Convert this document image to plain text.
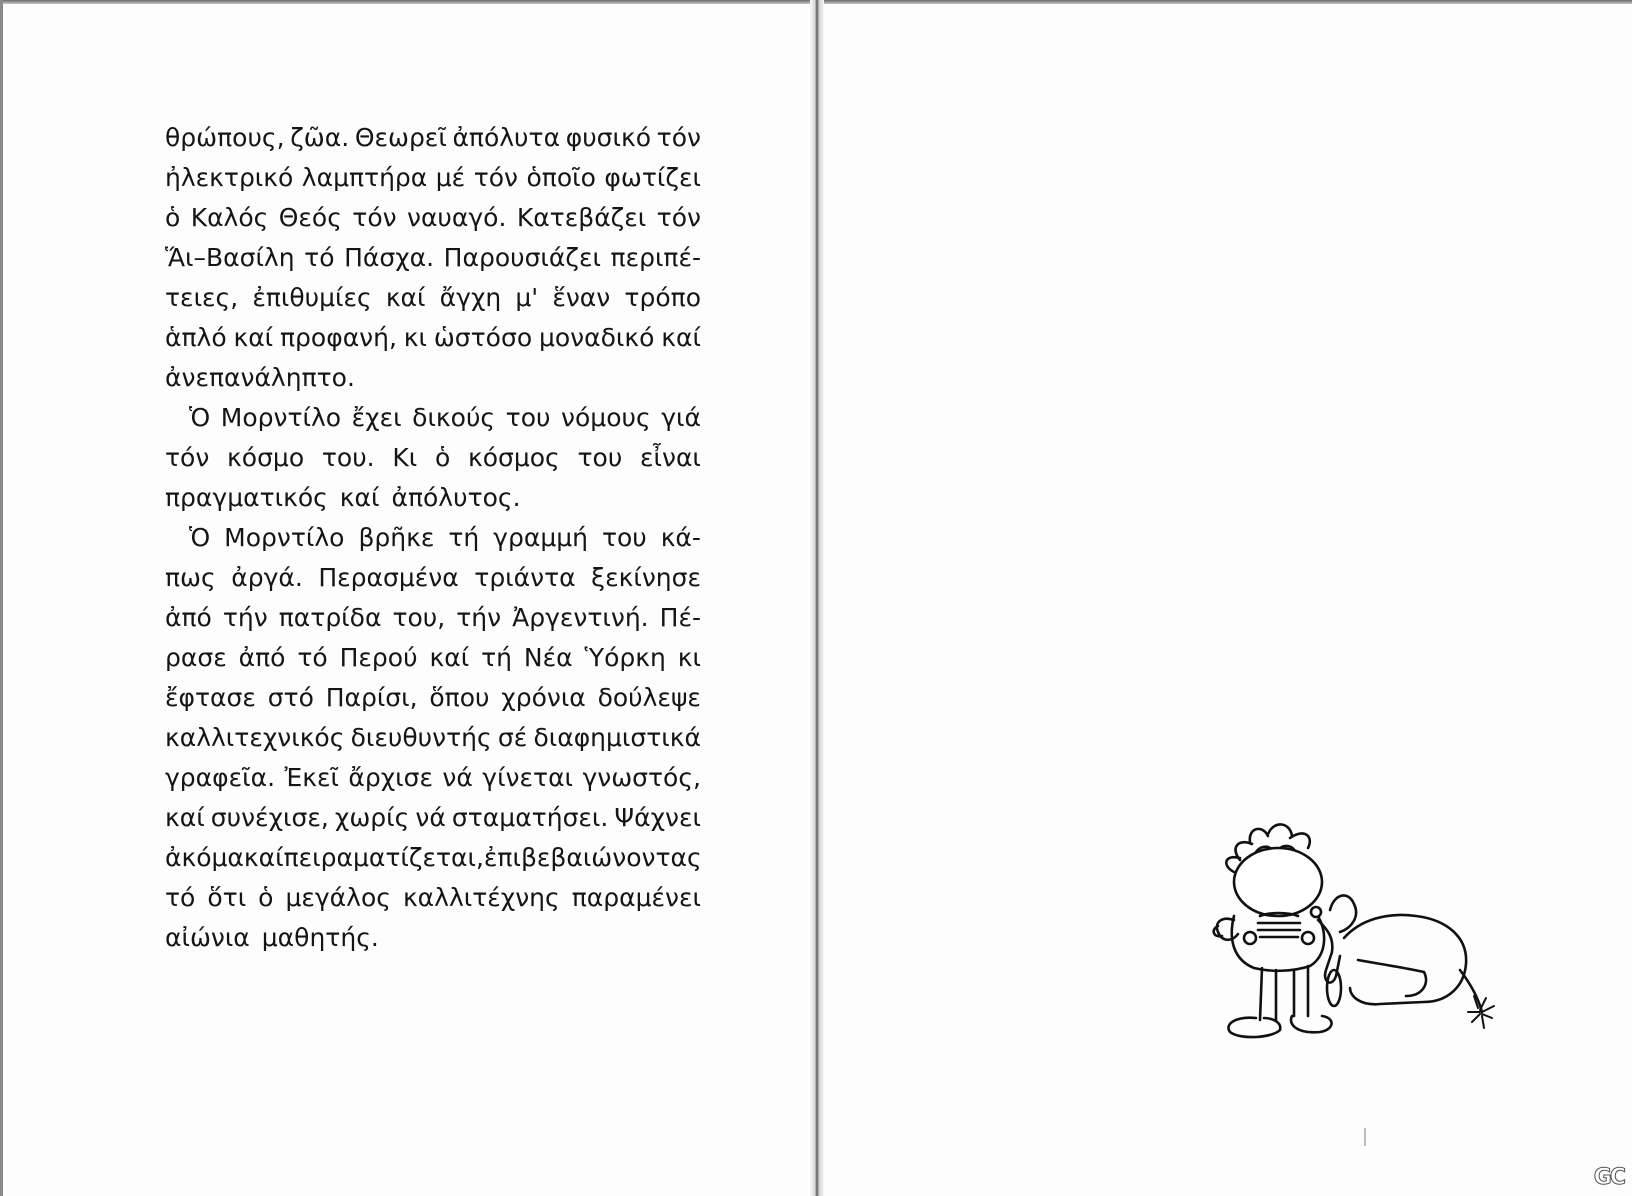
θρώπους, ζῶα. Θεωρεῖ ἀπόλυτα φυσικό τόν
ἠλεκτρικό λαμπτήρα μέ τόν ὁποῖο φωτίζει
ὁ Καλός Θεός τόν ναυαγό. Κατεβάζει τόν
Ἅι–Βασίλη τό Πάσχα. Παρουσιάζει περιπέ-
τειες, ἐπιθυμίες καί ἄγχη μ' ἕναν τρόπο
ἁπλό καί προφανή, κι ὡστόσο μοναδικό καί
ἀνεπανάληπτο.
Ὁ Μορντίλο ἔχει δικούς του νόμους γιά
τόν κόσμο του. Κι ὁ κόσμος του εἶναι
πραγματικός καί ἀπόλυτος.
Ὁ Μορντίλο βρῆκε τή γραμμή του κά-
πως ἀργά. Περασμένα τριάντα ξεκίνησε
ἀπό τήν πατρίδα του, τήν Ἀργεντινή. Πέ-
ρασε ἀπό τό Περού καί τή Νέα Ὑόρκη κι
ἔφτασε στό Παρίσι, ὅπου χρόνια δούλεψε
καλλιτεχνικός διευθυντής σέ διαφημιστικά
γραφεῖα. Ἐκεῖ ἄρχισε νά γίνεται γνωστός,
καί συνέχισε, χωρίς νά σταματήσει. Ψάχνει
ἀκόμα καί πειραματίζεται, ἐπιβεβαιώνοντας
τό ὅτι ὁ μεγάλος καλλιτέχνης παραμένει
αἰώνια μαθητής.
GC
